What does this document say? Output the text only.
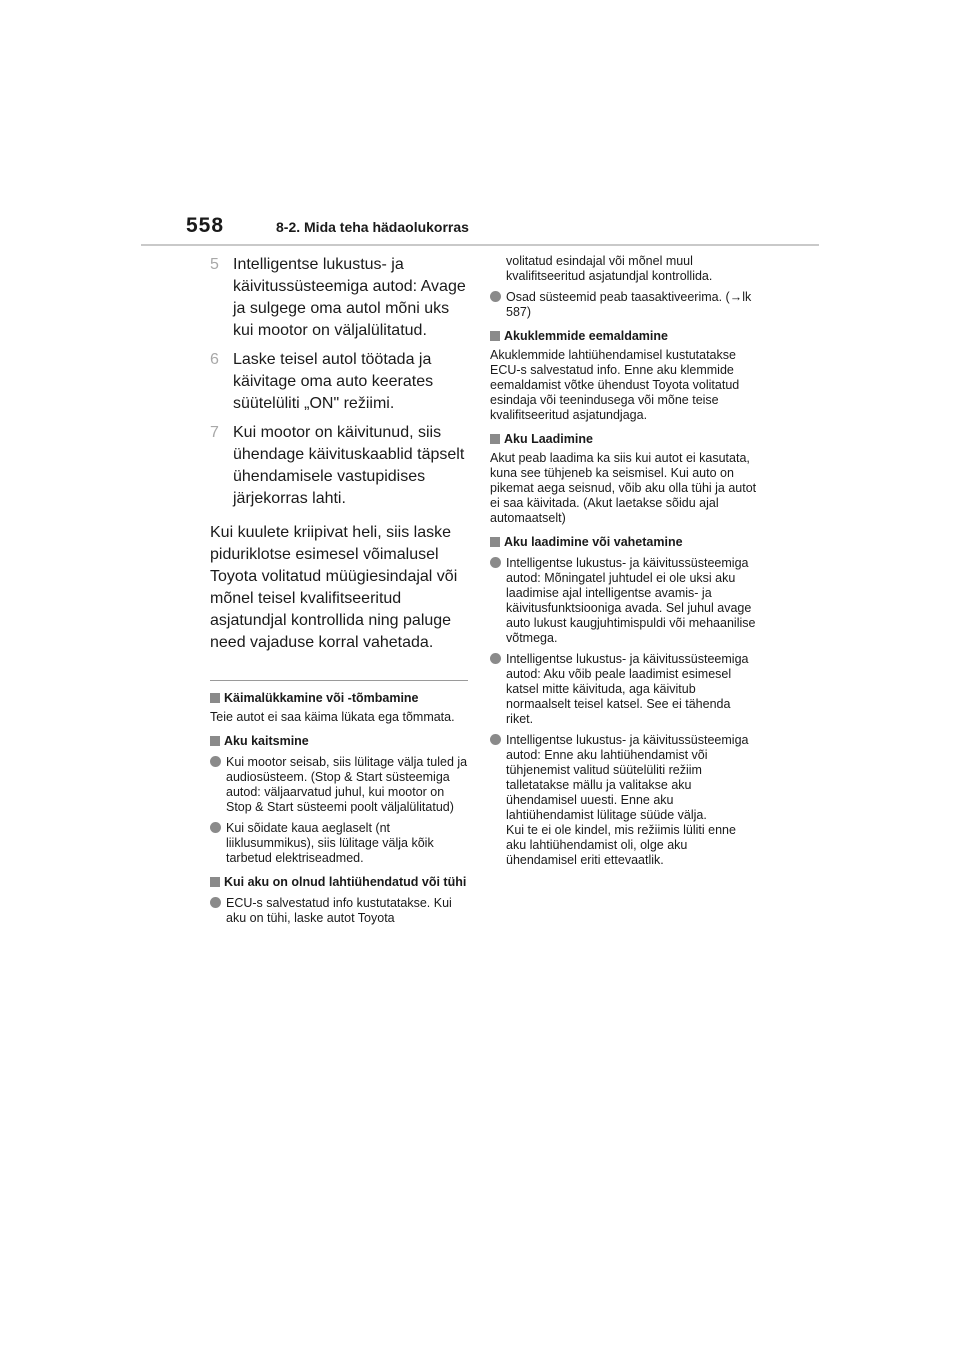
558	8-2. Mida teha hädaolukorras
5 Intelligentse lukustus- ja käivitussüsteemiga autod: Avage ja sulgege oma autol mõni uks kui mootor on väljalülitatud.
6 Laske teisel autol töötada ja käivitage oma auto keerates süütelüliti „ON" režiimi.
7 Kui mootor on käivitunud, siis ühendage käivituskaablid täpselt ühendamisele vastupidises järjekorras lahti.

Kui kuulete kriipivat heli, siis laske piduriklotse esimesel võimalusel Toyota volitatud müügiesindajal või mõnel teisel kvalifitseeritud asjatundjal kontrollida ning paluge need vajaduse korral vahetada.

Käimalükkamine või -tõmbamine
Teie autot ei saa käima lükata ega tõmmata.
Aku kaitsmine
Kui mootor seisab, siis lülitage välja tuled ja audiosüsteem. (Stop & Start süsteemiga autod: väljaarvatud juhul, kui mootor on Stop & Start süsteemi poolt väljalülitatud)
Kui sõidate kaua aeglaselt (nt liiklusummikus), siis lülitage välja kõik tarbetud elektriseadmed.
Kui aku on olnud lahtiühendatud või tühi
ECU-s salvestatud info kustutatakse. Kui aku on tühi, laske autot Toyota
volitatud esindajal või mõnel muul kvalifitseeritud asjatundjal kontrollida.
Osad süsteemid peab taasaktiveerima. (→lk 587)
Akuklemmide eemaldamine
Akuklemmide lahtiühendamisel kustutatakse ECU-s salvestatud info. Enne aku klemmide eemaldamist võtke ühendust Toyota volitatud esindaja või teenindusega või mõne teise kvalifitseeritud asjatundjaga.
Aku Laadimine
Akut peab laadima ka siis kui autot ei kasutata, kuna see tühjeneb ka seismisel. Kui auto on pikemat aega seisnud, võib aku olla tühi ja autot ei saa käivitada. (Akut laetakse sõidu ajal automaatselt)
Aku laadimine või vahetamine
Intelligentse lukustus- ja käivitussüsteemiga autod: Mõningatel juhtudel ei ole uksi aku laadimise ajal intelligentse avamis- ja käivitusfunktsiooniga avada. Sel juhul avage auto lukust kaugjuhtimispuldi või mehaanilise võtmega.
Intelligentse lukustus- ja käivitussüsteemiga autod: Aku võib peale laadimist esimesel katsel mitte käivituda, aga käivitub normaalselt teisel katsel. See ei tähenda riket.
Intelligentse lukustus- ja käivitussüsteemiga autod: Enne aku lahtiühendamist või tühjenemist valitud süütelüliti režiim talletatakse mällu ja valitakse aku ühendamisel uuesti. Enne aku lahtiühendamist lülitage süüde välja.
Kui te ei ole kindel, mis režiimis lüliti enne aku lahtiühendamist oli, olge aku ühendamisel eriti ettevaatlik.
